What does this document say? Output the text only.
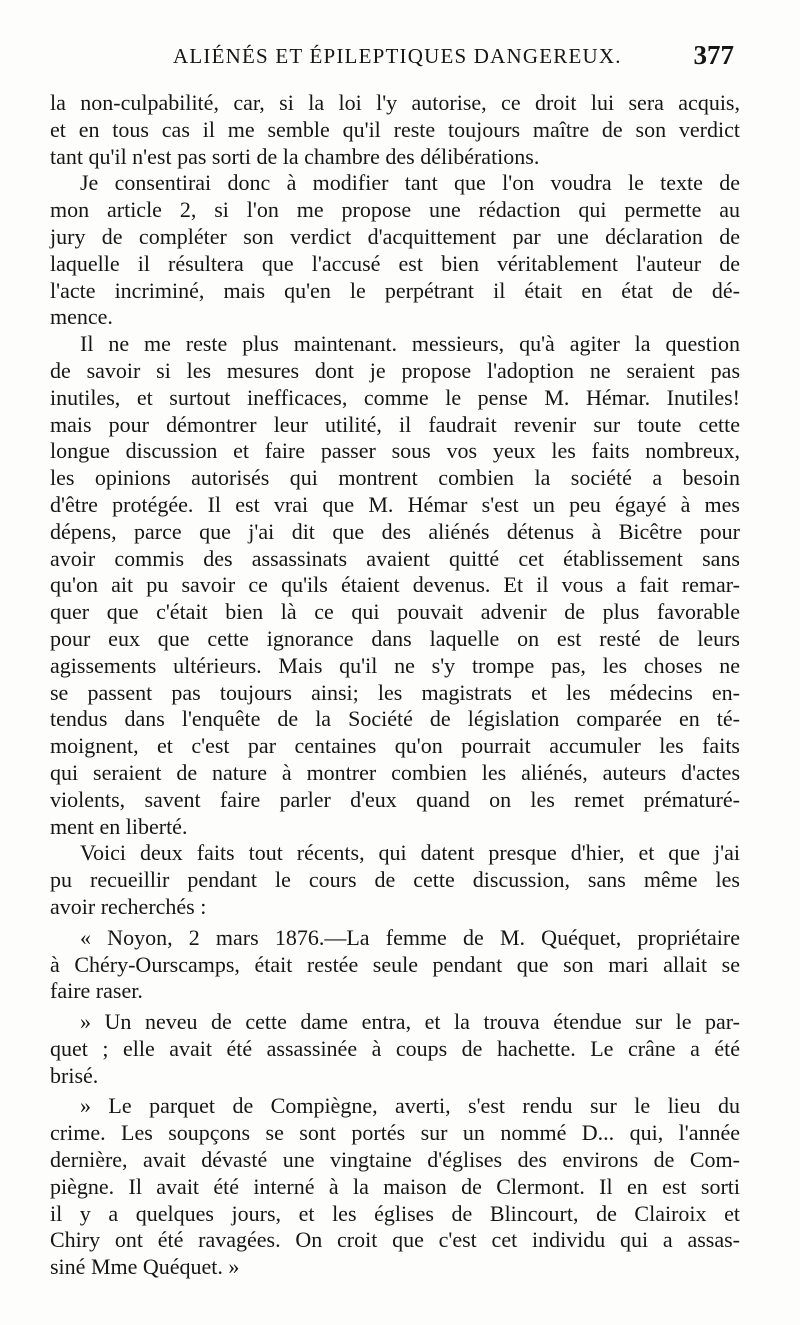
ALIÉNÉS ET ÉPILEPTIQUES DANGEREUX.	377
la non-culpabilité, car, si la loi l'y autorise, ce droit lui sera acquis,
et en tous cas il me semble qu'il reste toujours maître de son verdict
tant qu'il n'est pas sorti de la chambre des délibérations.
Je consentirai donc à modifier tant que l'on voudra le texte de
mon article 2, si l'on me propose une rédaction qui permette au
jury de compléter son verdict d'acquittement par une déclaration de
laquelle il résultera que l'accusé est bien véritablement l'auteur de
l'acte incriminé, mais qu'en le perpétrant il était en état de dé-
mence.
Il ne me reste plus maintenant. messieurs, qu'à agiter la question
de savoir si les mesures dont je propose l'adoption ne seraient pas
inutiles, et surtout inefficaces, comme le pense M. Hémar. Inutiles!
mais pour démontrer leur utilité, il faudrait revenir sur toute cette
longue discussion et faire passer sous vos yeux les faits nombreux,
les opinions autorisés qui montrent combien la société a besoin
d'être protégée. Il est vrai que M. Hémar s'est un peu égayé à mes
dépens, parce que j'ai dit que des aliénés détenus à Bicêtre pour
avoir commis des assassinats avaient quitté cet établissement sans
qu'on ait pu savoir ce qu'ils étaient devenus. Et il vous a fait remar-
quer que c'était bien là ce qui pouvait advenir de plus favorable
pour eux que cette ignorance dans laquelle on est resté de leurs
agissements ultérieurs. Mais qu'il ne s'y trompe pas, les choses ne
se passent pas toujours ainsi; les magistrats et les médecins en-
tendus dans l'enquête de la Société de législation comparée en té-
moignent, et c'est par centaines qu'on pourrait accumuler les faits
qui seraient de nature à montrer combien les aliénés, auteurs d'actes
violents, savent faire parler d'eux quand on les remet prématuré-
ment en liberté.
Voici deux faits tout récents, qui datent presque d'hier, et que j'ai
pu recueillir pendant le cours de cette discussion, sans même les
avoir recherchés :
« Noyon, 2 mars 1876.—La femme de M. Quéquet, propriétaire
à Chéry-Ourscamps, était restée seule pendant que son mari allait se
faire raser.
» Un neveu de cette dame entra, et la trouva étendue sur le par-
quet ; elle avait été assassinée à coups de hachette. Le crâne a été
brisé.
» Le parquet de Compiègne, averti, s'est rendu sur le lieu du
crime. Les soupçons se sont portés sur un nommé D... qui, l'année
dernière, avait dévasté une vingtaine d'églises des environs de Com-
piègne. Il avait été interné à la maison de Clermont. Il en est sorti
il y a quelques jours, et les églises de Blincourt, de Clairoix et
Chiry ont été ravagées. On croit que c'est cet individu qui a assas-
siné Mme Quéquet. »
